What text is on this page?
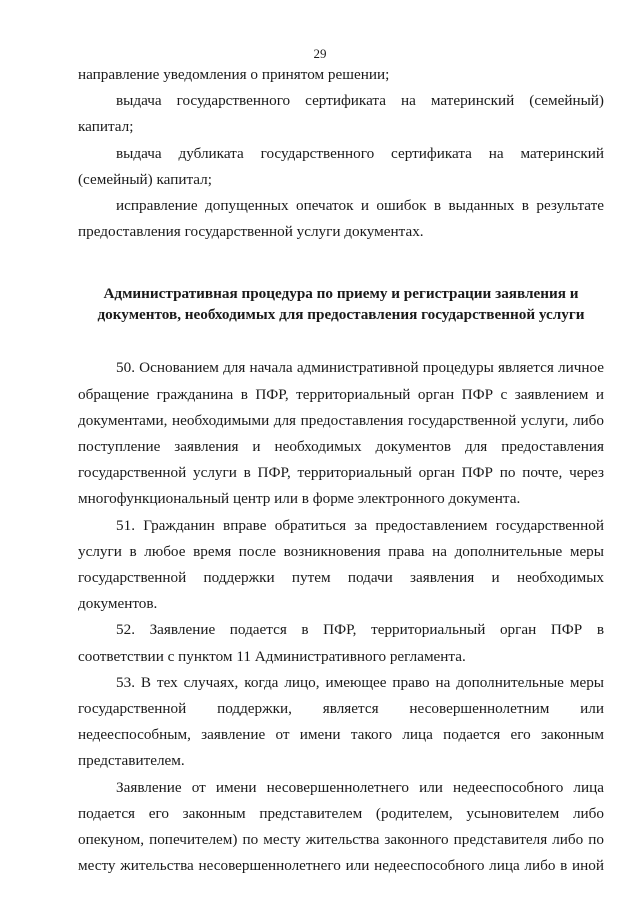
29

направление уведомления о принятом решении;

выдача государственного сертификата на материнский (семейный) капитал;

выдача дубликата государственного сертификата на материнский (семейный) капитал;

исправление допущенных опечаток и ошибок в выданных в результате предоставления государственной услуги документах.

Административная процедура по приему и регистрации заявления и
документов, необходимых для предоставления государственной услуги

50. Основанием для начала административной процедуры является личное обращение гражданина в ПФР, территориальный орган ПФР с заявлением и документами, необходимыми для предоставления государственной услуги, либо поступление заявления и необходимых документов для предоставления государственной услуги в ПФР, территориальный орган ПФР по почте, через многофункциональный центр или в форме электронного документа.

51. Гражданин вправе обратиться за предоставлением государственной услуги в любое время после возникновения права на дополнительные меры государственной поддержки путем подачи заявления и необходимых документов.

52. Заявление подается в ПФР, территориальный орган ПФР в соответствии с пунктом 11 Административного регламента.

53. В тех случаях, когда лицо, имеющее право на дополнительные меры государственной поддержки, является несовершеннолетним или недееспособным, заявление от имени такого лица подается его законным представителем.

Заявление от имени несовершеннолетнего или недееспособного лица подается его законным представителем (родителем, усыновителем либо опекуном, попечителем) по месту жительства законного представителя либо по месту жительства несовершеннолетнего или недееспособного лица либо в иной
